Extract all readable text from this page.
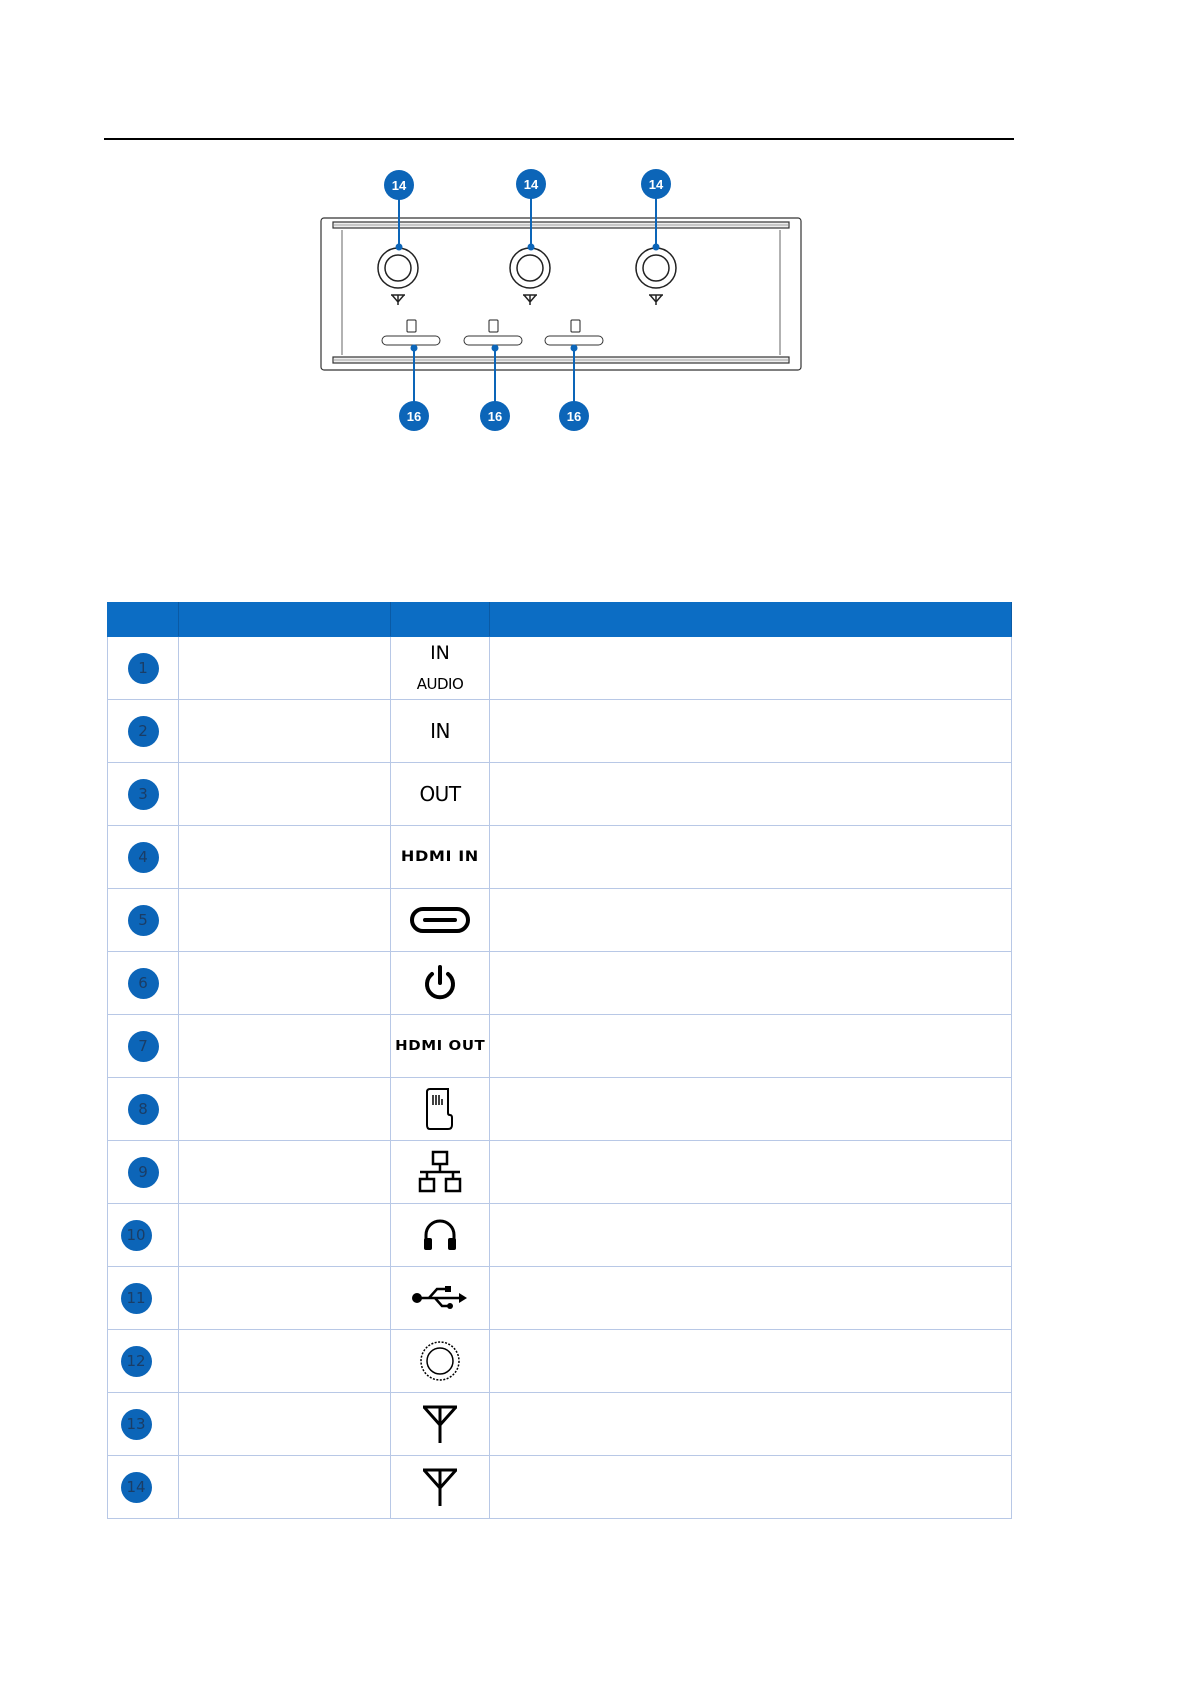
14	14	14
16	16	16

1		IN
AUDIO	

2		IN	
3		OUT	
4		HDMI IN	
5		

6		

7		HDMI OUT	
8		

9		

10		

11		

12		

13		

14		
